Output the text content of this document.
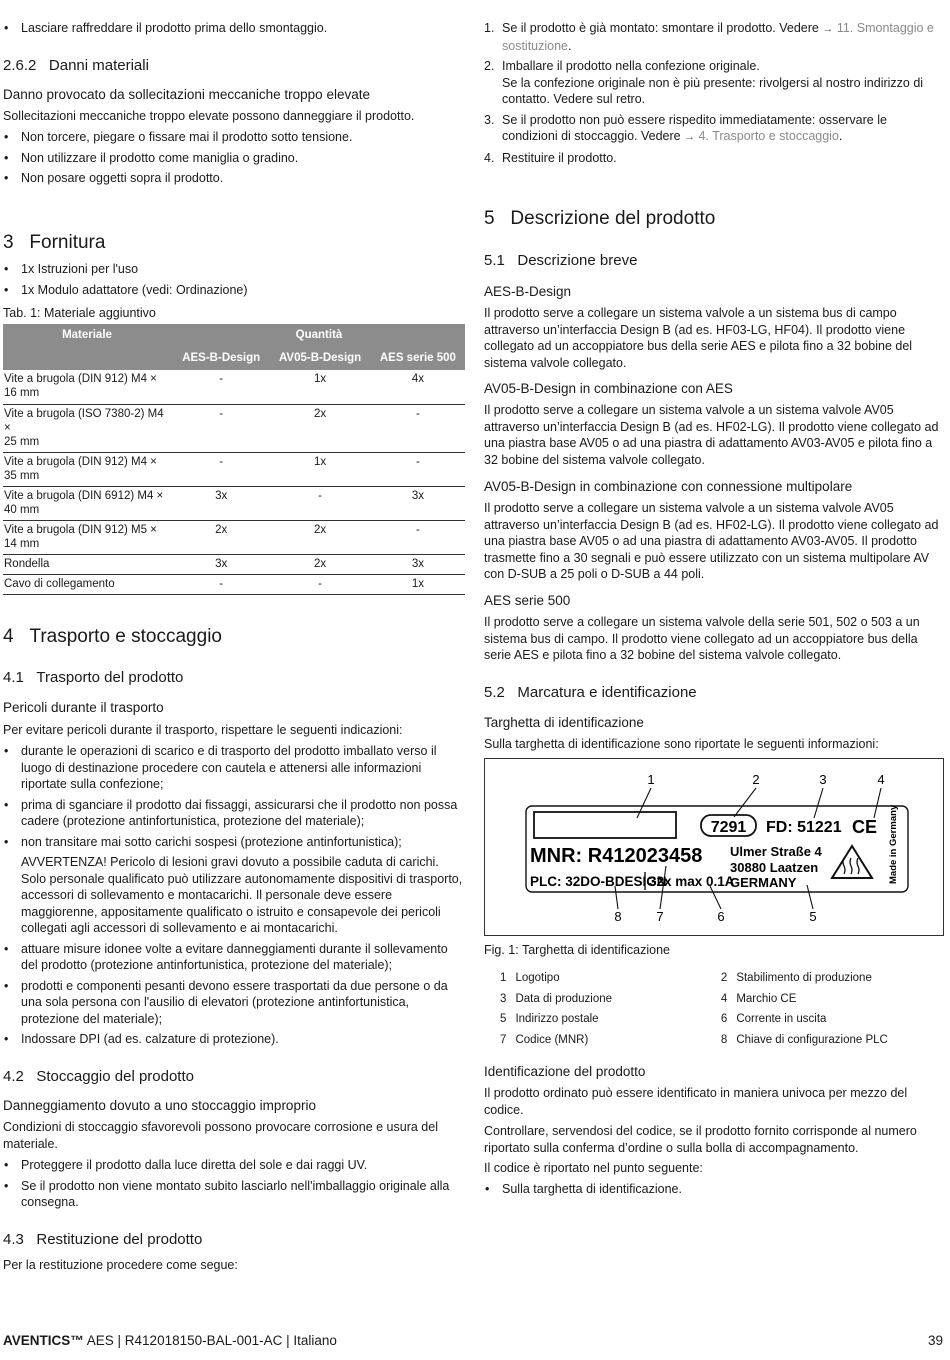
• Lasciare raffreddare il prodotto prima dello smontaggio.
2.6.2 Danni materiali
Danno provocato da sollecitazioni meccaniche troppo elevate

Sollecitazioni meccaniche troppo elevate possono danneggiare il prodotto.

• Non torcere, piegare o fissare mai il prodotto sotto tensione.
• Non utilizzare il prodotto come maniglia o gradino.
• Non posare oggetti sopra il prodotto.
3 Fornitura
• 1x Istruzioni per l'uso
• 1x Modulo adattatore (vedi: Ordinazione)

Tab. 1: Materiale aggiuntivo

Materiale	Quantità		
	AES-B-Design	AV05-B-Design	AES serie 500

Vite a brugola (DIN 912) M4 ×
16 mm	-	1x	4x

Vite a brugola (ISO 7380-2) M4 ×
25 mm	-	2x	-

Vite a brugola (DIN 912) M4 ×
35 mm	-	1x	-

Vite a brugola (DIN 6912) M4 ×
40 mm	3x	-	3x

Vite a brugola (DIN 912) M5 ×
14 mm	2x	2x	-

Rondella	3x	2x	3x

Cavo di collegamento	-	-	1x
4 Trasporto e stoccaggio
4.1 Trasporto del prodotto
Pericoli durante il trasporto

Per evitare pericoli durante il trasporto, rispettare le seguenti indicazioni:

• durante le operazioni di scarico e di trasporto del prodotto imballato verso il luogo di destinazione procedere con cautela e attenersi alle informazioni riportate sulla confezione;
• prima di sganciare il prodotto dai fissaggi, assicurarsi che il prodotto non possa cadere (protezione antinfortunistica, protezione del materiale);
• non transitare mai sotto carichi sospesi (protezione antinfortunistica);
AVVERTENZA! Pericolo di lesioni gravi dovuto a possibile caduta di carichi. Solo personale qualificato può utilizzare autonomamente dispositivi di trasporto, accessori di sollevamento e montacarichi. Il personale deve essere maggiorenne, appositamente qualificato o istruito e consapevole dei pericoli collegati agli accessori di sollevamento e ai montacarichi.
• attuare misure idonee volte a evitare danneggiamenti durante il sollevamento del prodotto (protezione antinfortunistica, protezione del materiale);
• prodotti e componenti pesanti devono essere trasportati da due persone o da una sola persona con l'ausilio di elevatori (protezione antinfortunistica, protezione del materiale);
• Indossare DPI (ad es. calzature di protezione).
4.2 Stoccaggio del prodotto
Danneggiamento dovuto a uno stoccaggio improprio

Condizioni di stoccaggio sfavorevoli possono provocare corrosione e usura del materiale.

• Proteggere il prodotto dalla luce diretta del sole e dai raggi UV.
• Se il prodotto non viene montato subito lasciarlo nell'imballaggio originale alla consegna.
4.3 Restituzione del prodotto

Per la restituzione procedere come segue:

1. Se il prodotto è già montato: smontare il prodotto. Vedere → 11. Smontaggio e sostituzione.
2. Imballare il prodotto nella confezione originale.
Se la confezione originale non è più presente: rivolgersi al nostro indirizzo di contatto. Vedere sul retro.
3. Se il prodotto non può essere rispedito immediatamente: osservare le condizioni di stoccaggio. Vedere → 4. Trasporto e stoccaggio.
4. Restituire il prodotto.
5 Descrizione del prodotto
5.1 Descrizione breve
AES-B-Design

Il prodotto serve a collegare un sistema valvole a un sistema bus di campo attraverso un’interfaccia Design B (ad es. HF03-LG, HF04). Il prodotto viene collegato ad un accoppiatore bus della serie AES e pilota fino a 32 bobine del sistema valvole collegato.

AV05-B-Design in combinazione con AES

Il prodotto serve a collegare un sistema valvole a un sistema valvole AV05 attraverso un’interfaccia Design B (ad es. HF02-LG). Il prodotto viene collegato ad una piastra base AV05 o ad una piastra di adattamento AV03-AV05 e pilota fino a 32 bobine del sistema valvole collegato.

AV05-B-Design in combinazione con connessione multipolare

Il prodotto serve a collegare un sistema valvole a un sistema valvole AV05 attraverso un’interfaccia Design B (ad es. HF02-LG). Il prodotto viene collegato ad una piastra base AV05 o ad una piastra di adattamento AV03-AV05. Il prodotto trasmette fino a 30 segnali e può essere utilizzato con un sistema multipolare AV con D-SUB a 25 poli o D-SUB a 44 poli.

AES serie 500

Il prodotto serve a collegare un sistema valvole della serie 501, 502 o 503 a un sistema bus di campo. Il prodotto viene collegato ad un accoppiatore bus della serie AES e pilota fino a 32 bobine del sistema valvole collegato.

5.2 Marcatura e identificazione
Targhetta di identificazione

Sulla targhetta di identificazione sono riportate le seguenti informazioni:

7291 FD: 51221 CE Made in Germany
MNR: R412023458
PLC: 32DO-BDESIGN
32x max 0.1A
Ulmer Straße 4
30880 Laatzen
GERMANY
1	2	3	4
8	7	6	5

Fig. 1: Targhetta di identificazione

1	Logotipo	2	Stabilimento di produzione
3	Data di produzione	4	Marchio CE
5	Indirizzo postale	6	Corrente in uscita
7	Codice (MNR)	8	Chiave di configurazione PLC
Identificazione del prodotto

Il prodotto ordinato può essere identificato in maniera univoca per mezzo del codice.

Controllare, servendosi del codice, se il prodotto fornito corrisponde al numero riportato sulla conferma d’ordine o sulla bolla di accompagnamento.

Il codice è riportato nel punto seguente:

• Sulla targhetta di identificazione.
AVENTICS™ AES | R412018150-BAL-001-AC | Italiano	39
